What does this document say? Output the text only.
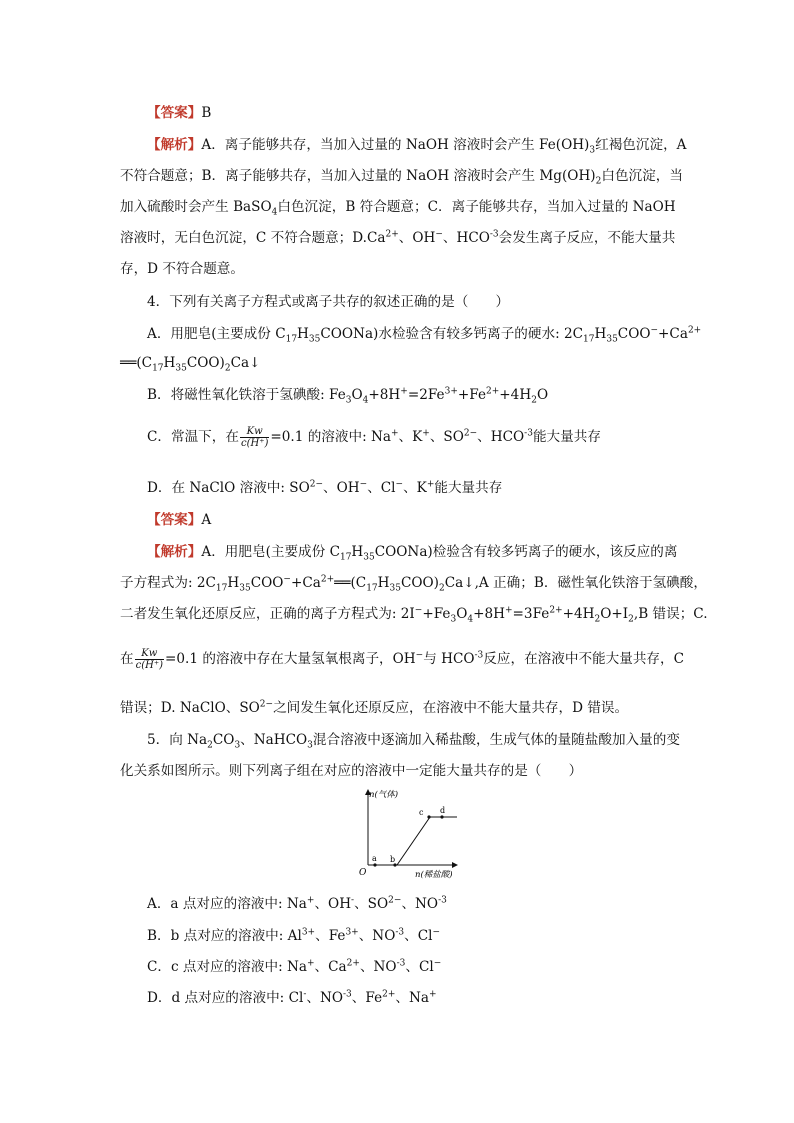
【答案】B
【解析】A．离子能够共存，当加入过量的 NaOH 溶液时会产生 $Fe(OH)_3$红褐色沉淀，A
不符合题意；B．离子能够共存，当加入过量的 NaOH 溶液时会产生 $Mg(OH)_2$白色沉淀，当
加入硫酸时会产生 BaSO$_4$白色沉淀，B 符合题意；C．离子能够共存，当加入过量的 NaOH
溶液时，无白色沉淀，C 不符合题意；$D.Ca^{2+}$、OH−、$HCO^{-3}$会发生离子反应，不能大量共
存，D 不符合题意。
4．下列有关离子方程式或离子共存的叙述正确的是（　　）
A．用肥皂(主要成份 $C_{17}H_{35}COONa$)水检验含有较多钙离子的硬水: $2C_{17}H_{35}COO^-+Ca^{2+}$
$══(C_{17}H_{35}COO)_2Ca↓$
B．将磁性氧化铁溶于氢碘酸: $Fe_3O_4+8H^+=2Fe^{3+}+Fe^{2+}+4H_2O$
C．常温下，在 $\frac{Kw}{c(H^+)} =0.1$ 的溶液中: Na+、K+、$SO^{2-}$、$HCO^{-3}$能大量共存
D．在 NaClO 溶液中: $SO^{2-}$、OH−、Cl−、K+能大量共存
【答案】A
【解析】A．用肥皂(主要成份 $C_{17}H_{35}COONa$)检验含有较多钙离子的硬水，该反应的离
子方程式为: $2C_{17}H_{35}COO^-+Ca^{2+}══(C_{17}H_{35}COO)_2Ca↓,A$ 正确；B．磁性氧化铁溶于氢碘酸，
二者发生氧化还原反应，正确的离子方程式为: $2I^-+Fe_3O_4+8H^+=3Fe^{2+}+4H_2O+I_2,B$ 错误；C.
在 $\frac{Kw}{c(H^+)} =0.1$ 的溶液中存在大量氢氧根离子，OH−与 $HCO^{-3}$反应，在溶液中不能大量共存，C
错误；D. NaClO、$SO^{2-}$之间发生氧化还原反应，在溶液中不能大量共存，D 错误。
5．向 $Na_2CO_3$、NaHCO$_3$混合溶液中逐滴加入稀盐酸，生成气体的量随盐酸加入量的变
化关系如图所示。则下列离子组在对应的溶液中一定能大量共存的是（　　）
n(气体)
n(稀盐酸)
O
a b
c d
A．a 点对应的溶液中: Na+、OH-、$SO^{2-}$、$NO^{-3}$
B．b 点对应的溶液中: $Al^{3+}$、$Fe^{3+}$、$NO^{-3}$、Cl−
C．c 点对应的溶液中: Na+、$Ca^{2+}$、$NO^{-3}$、Cl−
D．d 点对应的溶液中: Cl-、$NO^{-3}$、$Fe^{2+}$、Na+
